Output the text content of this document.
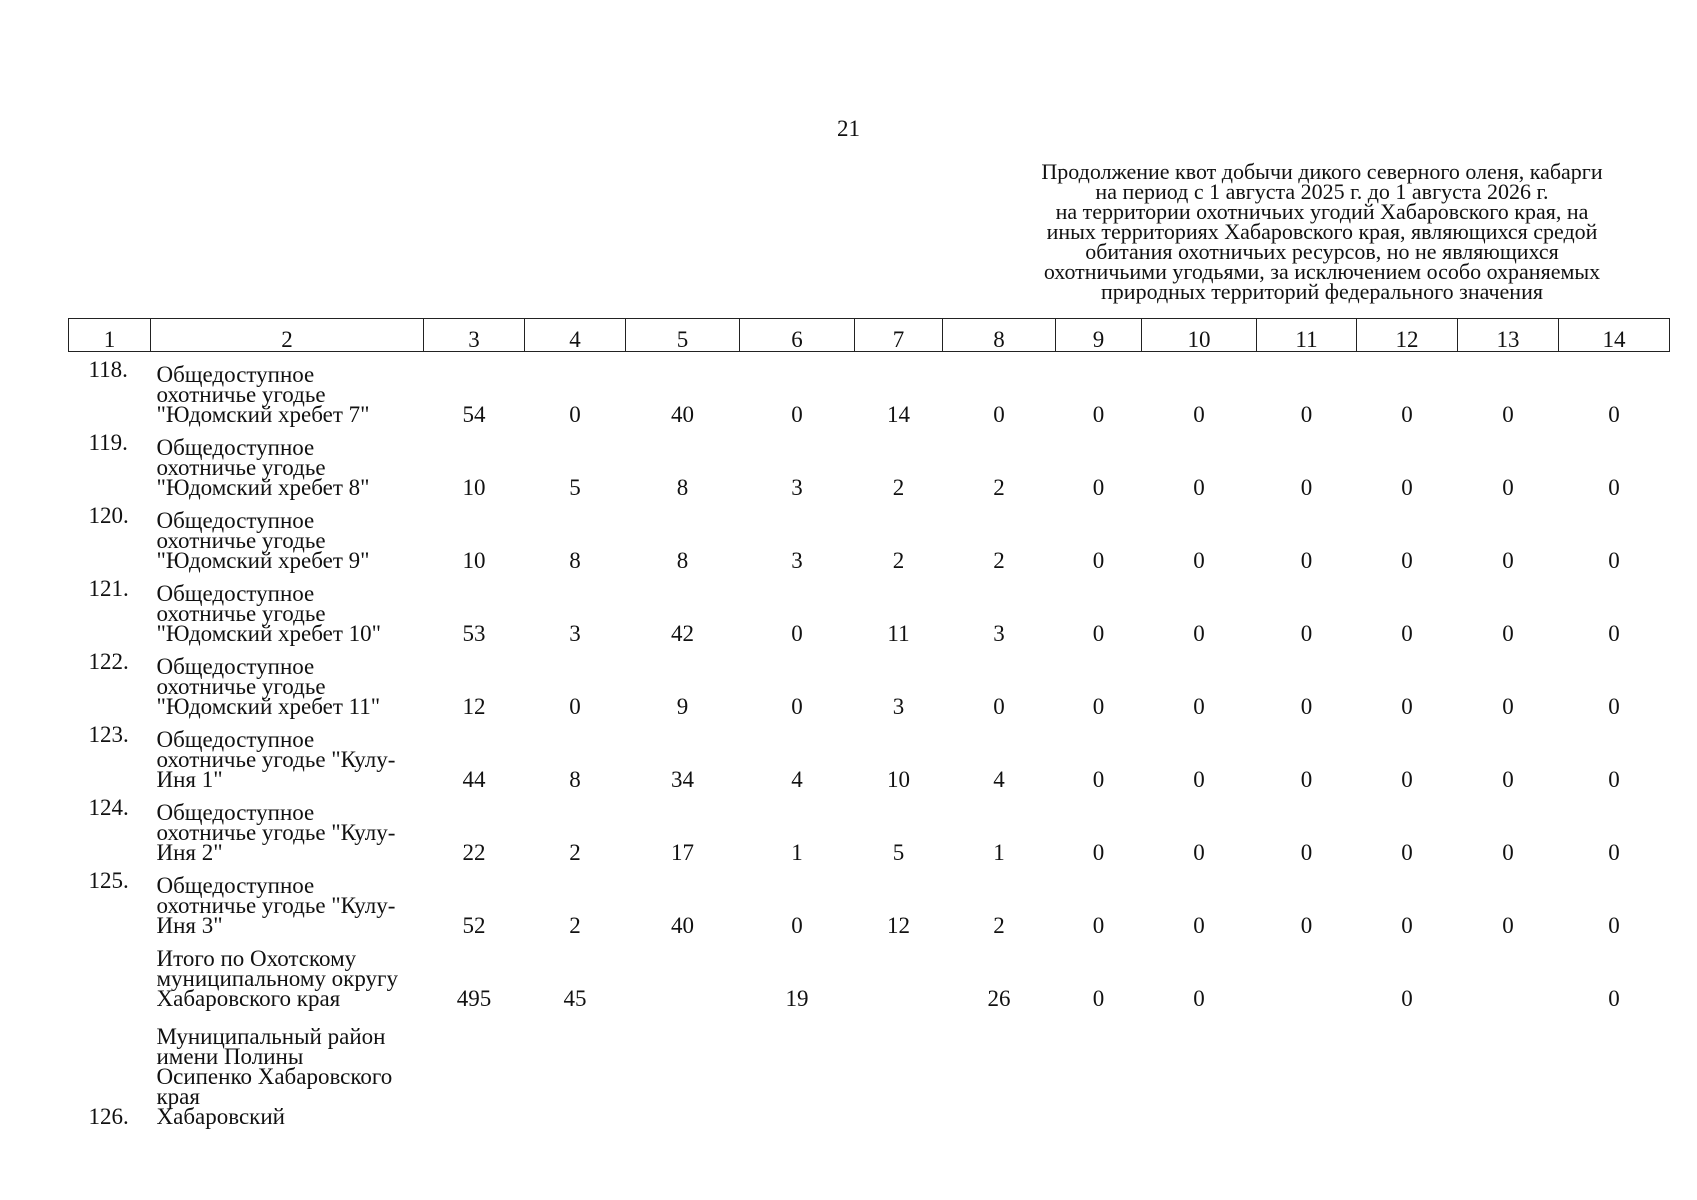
21
Продолжение квот добычи дикого северного оленя, кабарги
на период с 1 августа 2025 г. до 1 августа 2026 г.
на территории охотничьих угодий Хабаровского края, на
иных территориях Хабаровского края, являющихся средой
обитания охотничьих ресурсов, но не являющихся
охотничьими угодьями, за исключением особо охраняемых
природных территорий федерального значения
1	2	3	4	5	6	7	8	9	10	11	12	13	14
118.	Общедоступное
охотничье угодье
"Юдомский хребет 7"	54	0	40	0	14	0	0	0	0	0	0	0
119.	Общедоступное
охотничье угодье
"Юдомский хребет 8"	10	5	8	3	2	2	0	0	0	0	0	0
120.	Общедоступное
охотничье угодье
"Юдомский хребет 9"	10	8	8	3	2	2	0	0	0	0	0	0
121.	Общедоступное
охотничье угодье
"Юдомский хребет 10"	53	3	42	0	11	3	0	0	0	0	0	0
122.	Общедоступное
охотничье угодье
"Юдомский хребет 11"	12	0	9	0	3	0	0	0	0	0	0	0
123.	Общедоступное
охотничье угодье "Кулу-
Иня 1"	44	8	34	4	10	4	0	0	0	0	0	0
124.	Общедоступное
охотничье угодье "Кулу-
Иня 2"	22	2	17	1	5	1	0	0	0	0	0	0
125.	Общедоступное
охотничье угодье "Кулу-
Иня 3"	52	2	40	0	12	2	0	0	0	0	0	0

	Итого по Охотскому
муниципальному округу
Хабаровского края	495	45		19		26	0	0		0		0

	Муниципальный район
имени Полины
Осипенко Хабаровского
края												

126.	Хабаровский												
